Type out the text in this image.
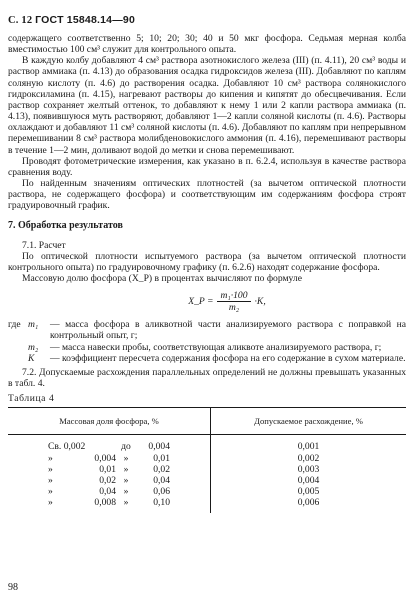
С. 12 ГОСТ 15848.14—90

содержащего соответственно 5; 10; 20; 30; 40 и 50 мкг фосфора. Седьмая мерная колба вместимостью 100 см³ служит для контрольного опыта.

В каждую колбу добавляют 4 см³ раствора азотнокислого железа (III) (п. 4.11), 20 см³ воды и раствор аммиака (п. 4.13) до образования осадка гидроксидов железа (III). Добавляют по каплям соляную кислоту (п. 4.6) до растворения осадка. Добавляют 10 см³ раствора солянокислого гидроксиламина (п. 4.15), нагревают растворы до кипения и кипятят до обесцвечивания. Если раствор сохраняет желтый оттенок, то добавляют к нему 1 или 2 капли раствора аммиака (п. 4.13), появившуюся муть растворяют, добавляют 1—2 капли соляной кислоты (п. 4.6). Растворы охлаждают и добавляют 11 см³ соляной кислоты (п. 4.6). Добавляют по каплям при непрерывном перемешивании 8 см³ раствора молибденовокислого аммония (п. 4.16), перемешивают растворы в течение 1—2 мин, доливают водой до метки и снова перемешивают.

Проводят фотометрические измерения, как указано в п. 6.2.4, используя в качестве раствора сравнения воду.

По найденным значениям оптических плотностей (за вычетом оптической плотности раствора, не содержащего фосфора) и соответствующим им содержаниям фосфора строят градуировочный график.

7. Обработка результатов

7.1. Расчет

По оптической плотности испытуемого раствора (за вычетом оптической плотности контрольного опыта) по градуировочному графику (п. 6.2.6) находят содержание фосфора.

Массовую долю фосфора (X_P) в процентах вычисляют по формуле

X_P = $\frac{\text{m₁·100}}{\text{m₂}} \cdot K$,
где m₁	— масса фосфора в аликвотной части анализируемого раствора с поправкой на контрольный опыт, г;
m₂	— масса навески пробы, соответствующая аликвоте анализируемого раствора, г;
K	— коэффициент пересчета содержания фосфора на его содержание в сухом материале.

7.2. Допускаемые расхождения параллельных определений не должны превышать указанных в табл. 4.

Таблица 4

Массовая доля фосфора, %	Допускаемое расхождение, %

Св. 0,002 до 0,004	0,001

» 0,004 » 0,01	0,002

» 0,01 » 0,02	0,003

» 0,02 » 0,04	0,004

» 0,04 » 0,06	0,005

» 0,008 » 0,10	0,006
98
